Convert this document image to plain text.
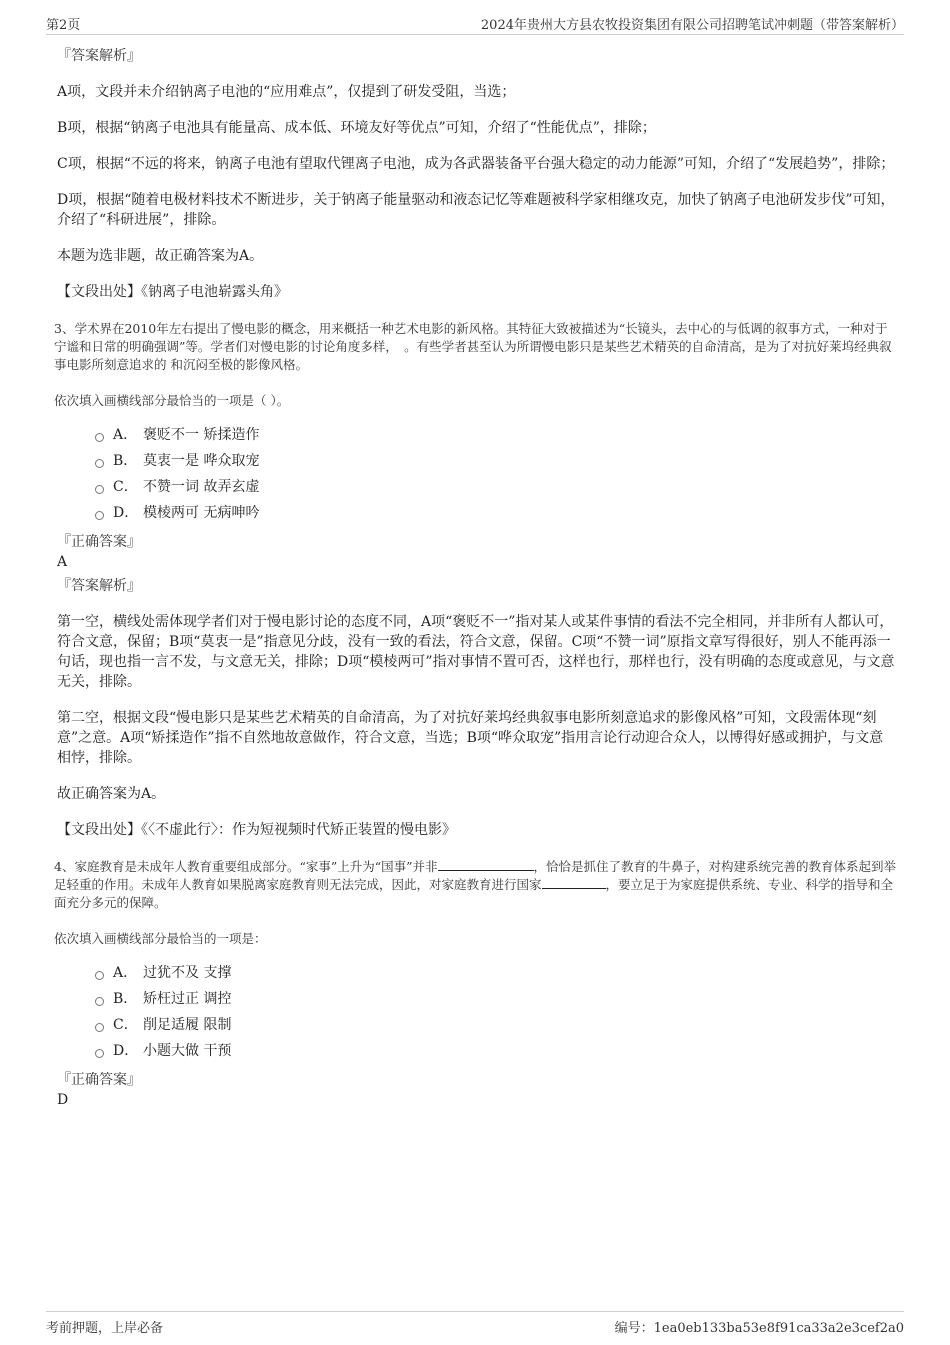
第2页	2024年贵州大方县农牧投资集团有限公司招聘笔试冲刺题（带答案解析）

『答案解析』

A项，文段并未介绍钠离子电池的“应用难点”，仅提到了研发受阻，当选；

B项，根据“钠离子电池具有能量高、成本低、环境友好等优点”可知，介绍了“性能优点”，排除；

C项，根据“不远的将来，钠离子电池有望取代锂离子电池，成为各武器装备平台强大稳定的动力能源”可知，介绍了“发展趋势”，排除；

D项，根据“随着电极材料技术不断进步，关于钠离子能量驱动和液态记忆等难题被科学家相继攻克，加快了钠离子电池研发步伐”可知，介绍了“科研进展”，排除。

本题为选非题，故正确答案为A。

【文段出处】《钠离子电池崭露头角》

3、学术界在2010年左右提出了慢电影的概念，用来概括一种艺术电影的新风格。其特征大致被描述为“长镜头，去中心的与低调的叙事方式，一种对于宁谧和日常的明确强调”等。学者们对慢电影的讨论角度多样，　。有些学者甚至认为所谓慢电影只是某些艺术精英的自命清高，是为了对抗好莱坞经典叙事电影所刻意追求的 和沉闷至极的影像风格。

依次填入画横线部分最恰当的一项是（ ）。

A． 褒贬不一 矫揉造作
B． 莫衷一是 哗众取宠
C． 不赞一词 故弄玄虚
D． 模棱两可 无病呻吟

『正确答案』

A

『答案解析』

第一空，横线处需体现学者们对于慢电影讨论的态度不同，A项“褒贬不一”指对某人或某件事情的看法不完全相同，并非所有人都认可，符合文意，保留；B项“莫衷一是”指意见分歧，没有一致的看法，符合文意，保留。C项“不赞一词”原指文章写得很好，别人不能再添一句话，现也指一言不发，与文意无关，排除；D项“模棱两可”指对事情不置可否，这样也行，那样也行，没有明确的态度或意见，与文意无关，排除。

第二空，根据文段“慢电影只是某些艺术精英的自命清高，为了对抗好莱坞经典叙事电影所刻意追求的影像风格”可知，文段需体现“刻意”之意。A项“矫揉造作”指不自然地故意做作，符合文意，当选；B项“哗众取宠”指用言论行动迎合众人，以博得好感或拥护，与文意相悖，排除。

故正确答案为A。

【文段出处】《〈不虚此行〉：作为短视频时代矫正装置的慢电影》

4、家庭教育是未成年人教育重要组成部分。“家事”上升为“国事”并非	，恰恰是抓住了教育的牛鼻子，对构建系统完善的教育体系起到举足轻重的作用。未成年人教育如果脱离家庭教育则无法完成，因此，对家庭教育进行国家	，要立足于为家庭提供系统、专业、科学的指导和全面充分多元的保障。

依次填入画横线部分最恰当的一项是：

A． 过犹不及 支撑
B． 矫枉过正 调控
C． 削足适履 限制
D． 小题大做 干预

『正确答案』

D

考前押题，上岸必备	编号：1ea0eb133ba53e8f91ca33a2e3cef2a0
